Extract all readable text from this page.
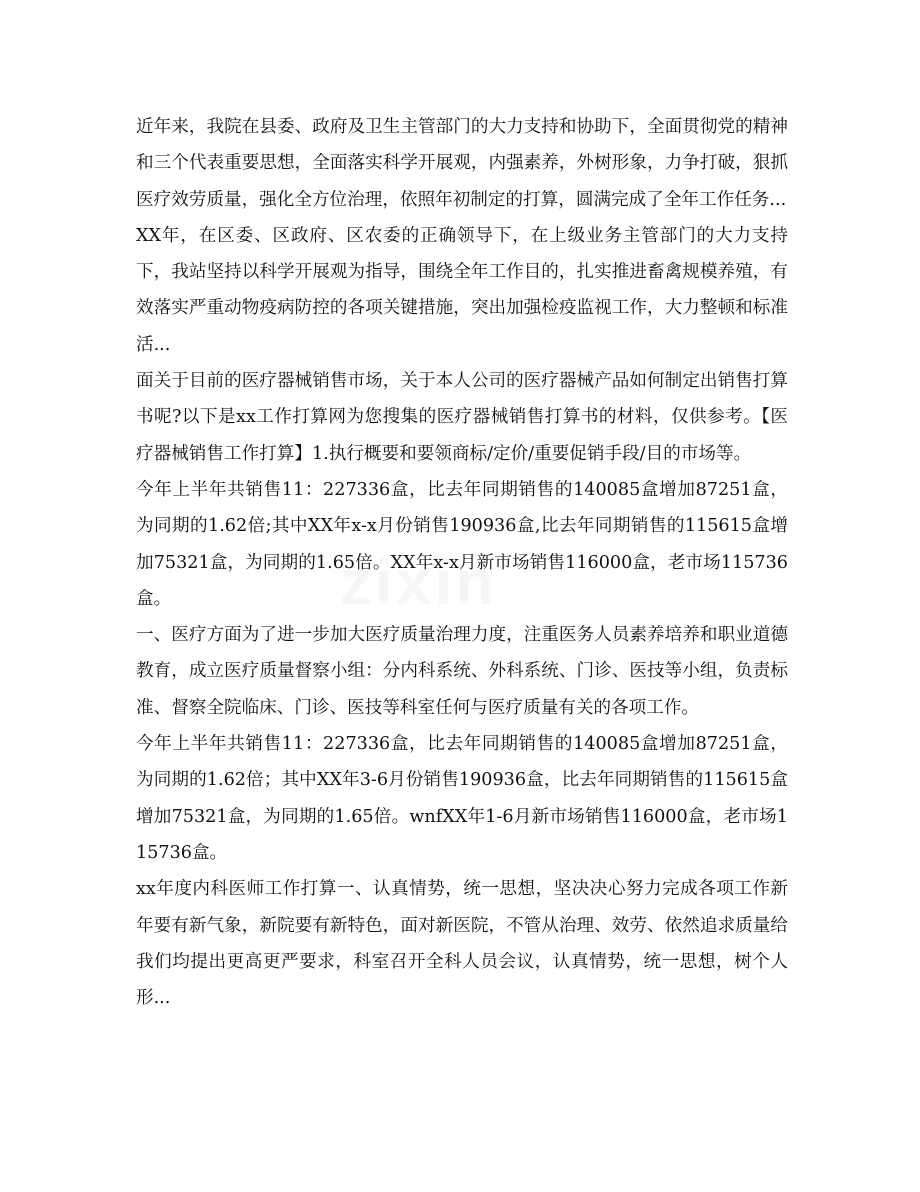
近年来，我院在县委、政府及卫生主管部门的大力支持和协助下，全面贯彻党的精神和三个代表重要思想，全面落实科学开展观，内强素养，外树形象，力争打破，狠抓医疗效劳质量，强化全方位治理，依照年初制定的打算，圆满完成了全年工作任务...

XX年，在区委、区政府、区农委的正确领导下，在上级业务主管部门的大力支持下，我站坚持以科学开展观为指导，围绕全年工作目的，扎实推进畜禽规模养殖，有效落实严重动物疫病防控的各项关键措施，突出加强检疫监视工作，大力整顿和标准活...

面关于目前的医疗器械销售市场，关于本人公司的医疗器械产品如何制定出销售打算书呢?以下是xx工作打算网为您搜集的医疗器械销售打算书的材料，仅供参考。【医疗器械销售工作打算】1.执行概要和要领商标/定价/重要促销手段/目的市场等。

今年上半年共销售11：227336盒，比去年同期销售的140085盒增加87251盒，为同期的1.62倍;其中XX年x-x月份销售190936盒,比去年同期销售的115615盒增加75321盒，为同期的1.65倍。XX年x-x月新市场销售116000盒，老市场115736盒。

一、医疗方面为了进一步加大医疗质量治理力度，注重医务人员素养培养和职业道德教育，成立医疗质量督察小组：分内科系统、外科系统、门诊、医技等小组，负责标准、督察全院临床、门诊、医技等科室任何与医疗质量有关的各项工作。

今年上半年共销售11：227336盒，比去年同期销售的140085盒增加87251盒，为同期的1.62倍；其中XX年3-6月份销售190936盒，比去年同期销售的115615盒增加75321盒，为同期的1.65倍。wnfXX年1-6月新市场销售116000盒，老市场115736盒。

xx年度内科医师工作打算一、认真情势，统一思想，坚决决心努力完成各项工作新年要有新气象，新院要有新特色，面对新医院，不管从治理、效劳、依然追求质量给我们均提出更高更严要求，科室召开全科人员会议，认真情势，统一思想，树个人形...
